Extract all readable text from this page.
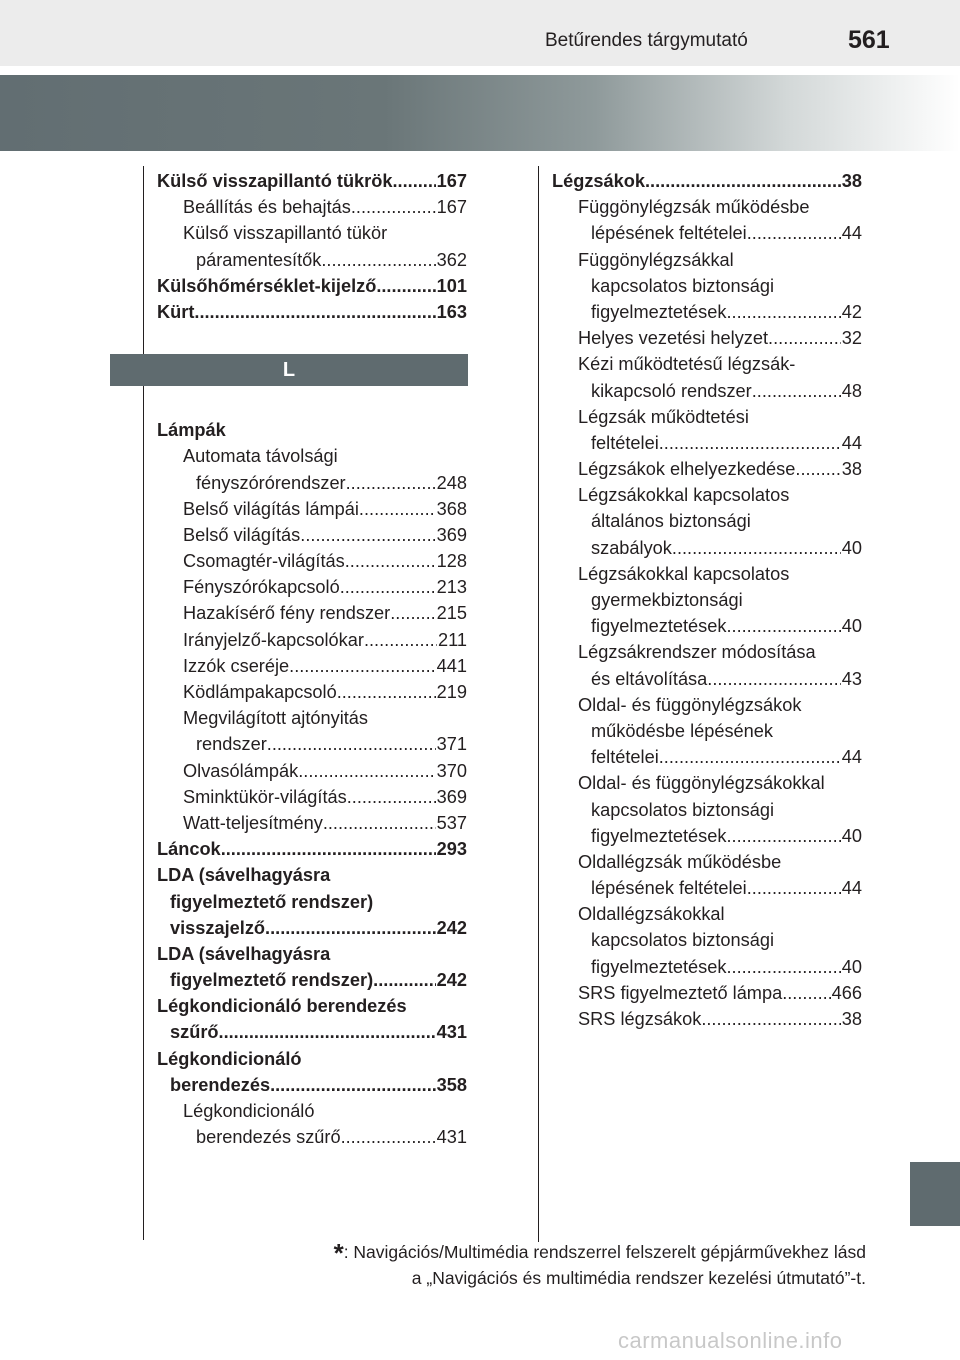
Betűrendes tárgymutató	561
Külső visszapillantó tükrök ..... 167
Beállítás és behajtás .....	167
Külső visszapillantó tükör
páramentesítők .....	362
Külsőhőmérséklet-kijelző .....	101
Kürt .....	163
Lámpák
Automata távolsági
fényszórórendszer .....	248
Belső világítás lámpái .....	368
Belső világítás .....	369
Csomagtér-világítás .....	128
Fényszórókapcsoló .....	213
Hazakísérő fény rendszer .....	215
Irányjelző-kapcsolókar .....	211
Izzók cseréje .....	441
Ködlámpakapcsoló .....	219
Megvilágított ajtónyitás
rendszer .....	371
Olvasólámpák .....	370
Sminktükör-világítás .....	369
Watt-teljesítmény .....	537
Láncok .....	293
LDA (sávelhagyásra
figyelmeztető rendszer)
visszajelző .....	242
LDA (sávelhagyásra
figyelmeztető rendszer) .....	242
Légkondicionáló berendezés
szűrő .....	431
Légkondicionáló
berendezés .....	358
Légkondicionáló
berendezés szűrő .....	431
L
Légzsákok .....	38
Függönylégzsák működésbe
lépésének feltételei .....	44
Függönylégzsákkal
kapcsolatos biztonsági
figyelmeztetések .....	42
Helyes vezetési helyzet .....	32
Kézi működtetésű légzsák-
kikapcsoló rendszer .....	48
Légzsák működtetési
feltételei .....	44
Légzsákok elhelyezkedése .....	38
Légzsákokkal kapcsolatos
általános biztonsági
szabályok .....	40
Légzsákokkal kapcsolatos
gyermekbiztonsági
figyelmeztetések .....	40
Légzsákrendszer módosítása
és eltávolítása .....	43
Oldal- és függönylégzsákok
működésbe lépésének
feltételei .....	44
Oldal- és függönylégzsákokkal
kapcsolatos biztonsági
figyelmeztetések .....	40
Oldallégzsák működésbe
lépésének feltételei .....	44
Oldallégzsákokkal
kapcsolatos biztonsági
figyelmeztetések .....	40
SRS figyelmeztető lámpa .....	466
SRS légzsákok .....	38
*: Navigációs/Multimédia rendszerrel felszerelt gépjárművekhez lásd
a „Navigációs és multimédia rendszer kezelési útmutató”-t.
carmanualsonline.info
